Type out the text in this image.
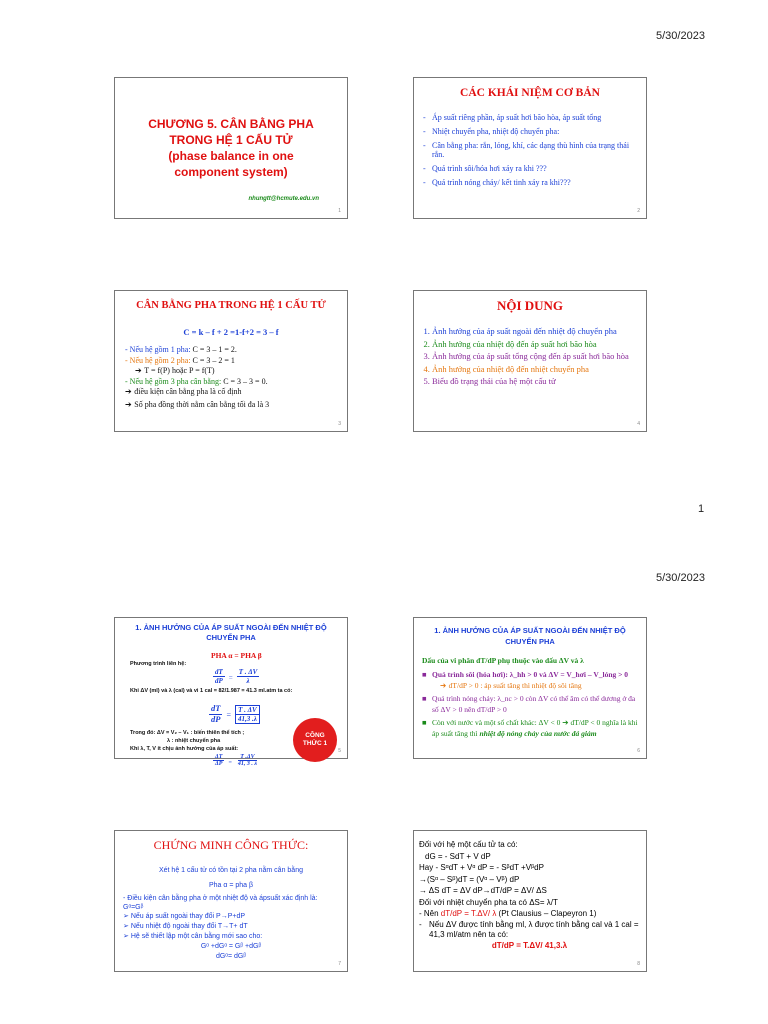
5/30/2023
CHƯƠNG 5. CÂN BẰNG PHA
TRONG HỆ 1 CẤU TỬ
(phase balance in one
component system)
nhungtt@hcmute.edu.vn
1
CÁC KHÁI NIỆM CƠ BẢN
- Áp suất riêng phần, áp suất hơi bão hòa, áp suất tổng
- Nhiệt chuyển pha, nhiệt độ chuyển pha:
- Cân bằng pha: rắn, lỏng, khí, các dạng thù hình của trạng thái rắn.
- Quá trình sôi/hóa hơi xảy ra khi ???
- Quá trình nóng chảy/ kết tinh xảy ra khi???
2
CÂN BẰNG PHA TRONG HỆ 1 CẤU TỬ
C = k – f + 2 =1-f+2 = 3 – f
- Nếu hệ gồm 1 pha: C = 3 – 1 = 2.
- Nếu hệ gồm 2 pha: C = 3 – 2 = 1
➔ T = f(P) hoặc P = f(T)
- Nếu hệ gồm 3 pha cân bằng: C = 3 – 3 = 0.
➔ điều kiện cân bằng pha là cố định
➔ Số pha đồng thời nằm cân bằng tối đa là 3
3
NỘI DUNG
1. Ảnh hưởng của áp suất ngoài đến nhiệt độ chuyển pha
2. Ảnh hưởng của nhiệt độ đến áp suất hơi bão hòa
3. Ảnh hưởng của áp suất tổng cộng đến áp suất hơi bão hòa
4. Ảnh hưởng của nhiệt độ đến nhiệt chuyển pha
5. Biểu đồ trạng thái của hệ một cấu tử
4
1
5/30/2023
1. ẢNH HƯỞNG CỦA ÁP SUẤT NGOÀI ĐẾN NHIỆT ĐỘ CHUYỂN PHA
PHA α = PHA β
Phương trình liên hệ:
$\frac{dT}{dP} = \frac{T . \Delta V}{\lambda}$
Khi ΔV (ml) và λ (cal) và vì 1 cal = 82/1.987 = 41.3 ml.atm ta có:
$\frac{dT}{dP} = \frac{T . \Delta V}{41,3 .\lambda}$
Trong đó: ΔV = V₂ – V₁ : biến thiên thể tích ;
λ : nhiệt chuyển pha
Khi λ, T, V ít chịu ảnh hưởng của áp suất:
$\frac{\Delta T}{\Delta P} = \frac{T .\Delta V}{41, 3 . \lambda}$
CÔNG
THỨC 1
5
1. ẢNH HƯỞNG CỦA ÁP SUẤT NGOÀI ĐẾN NHIỆT ĐỘ CHUYỂN PHA
Dấu của vi phân dT/dP phụ thuộc vào dấu ΔV và λ
■ Quá trình sôi (hóa hơi): λ_hh > 0 và ΔV = V_hơi – V_lỏng > 0
➔ dT/dP > 0 : áp suất tăng thì nhiệt độ sôi tăng
■ Quá trình nóng chảy: λ_nc > 0 còn ΔV có thể âm có thể dương ở đa số ΔV > 0 nên dT/dP > 0
■ Còn với nước và một số chất khác: ΔV < 0 ➔ dT/dP < 0 nghĩa là khi áp suất tăng thì nhiệt độ nóng chảy của nước đá giảm
6
CHỨNG MINH CÔNG THỨC:
Xét hệ 1 cấu tử có tồn tại 2 pha nằm cân bằng
Pha α = pha β
- Điều kiện cân bằng pha ở một nhiệt độ và ápsuất xác định là: Gᵅ=Gᵝ
➢ Nếu áp suất ngoài thay đổi P→P+dP
➢ Nếu nhiệt độ ngoài thay đổi T→T+ dT
➢ Hệ sẽ thiết lập một cân bằng mới sao cho:
Gᵅ +dGᵅ = Gᵝ +dGᵝ
dGᵅ= dGᵝ
7
Đối với hệ một cấu tử ta có:
dG = - SdT + V dP
Hay - SᵅdT + Vᵅ dP = - SᵝdT +VᵝdP
→(Sᵅ – Sᵝ)dT = (Vᵅ – Vᵝ) dP
→ ΔS dT = ΔV dP→dT/dP = ΔV/ ΔS
Đối với nhiệt chuyển pha ta có ΔS= λ/T
- Nên dT/dP = T.ΔV/ λ (Pt Clausius – Clapeyron 1)
- Nếu ΔV được tính bằng ml, λ được tính bằng cal và 1 cal = 41,3 ml/atm nên ta có:
dT/dP = T.ΔV/ 41,3.λ
8
